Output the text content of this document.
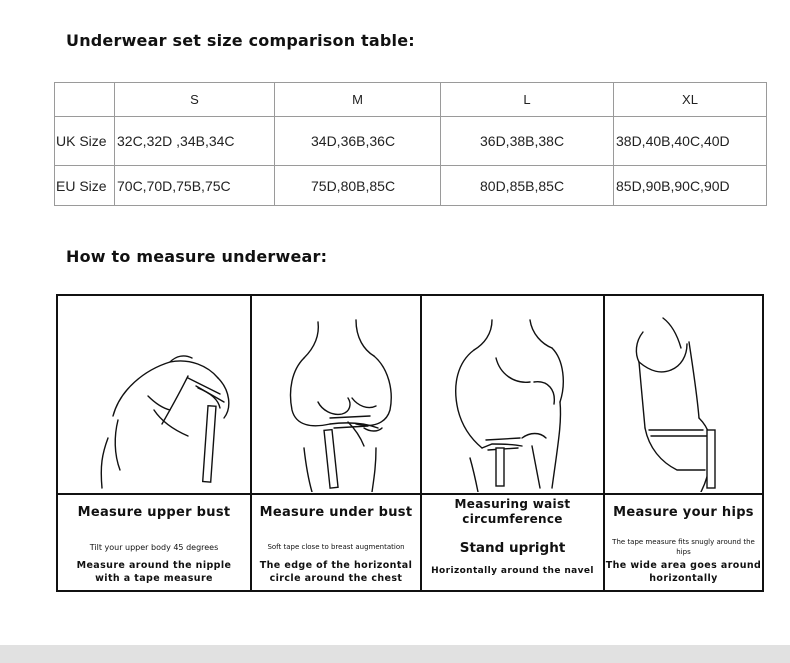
Underwear set size comparison table:
	S	M	L	XL
UK Size	32C,32D ,34B,34C	34D,36B,36C	36D,38B,38C	38D,40B,40C,40D
EU Size	70C,70D,75B,75C	75D,80B,85C	80D,85B,85C	85D,90B,90C,90D
How to measure underwear:
Measure upper bust
Tilt your upper body 45 degrees
Measure around the nipple
with a tape measure
Measure under bust
Soft tape close to breast augmentation
The edge of the horizontal
circle around the chest
Measuring waist
circumference
Stand upright
Horizontally around the navel
Measure your hips
The tape measure fits snugly around the
hips
The wide area goes around
horizontally
